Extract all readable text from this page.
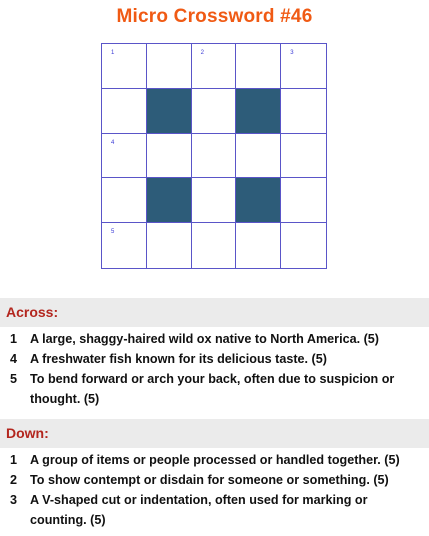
Micro Crossword #46
1	2	3
4
5
Across:
1	A large, shaggy-haired wild ox native to North America. (5)
4	A freshwater fish known for its delicious taste. (5)
5	To bend forward or arch your back, often due to suspicion or thought. (5)
Down:
1	A group of items or people processed or handled together. (5)
2	To show contempt or disdain for someone or something. (5)
3	A V-shaped cut or indentation, often used for marking or counting. (5)
